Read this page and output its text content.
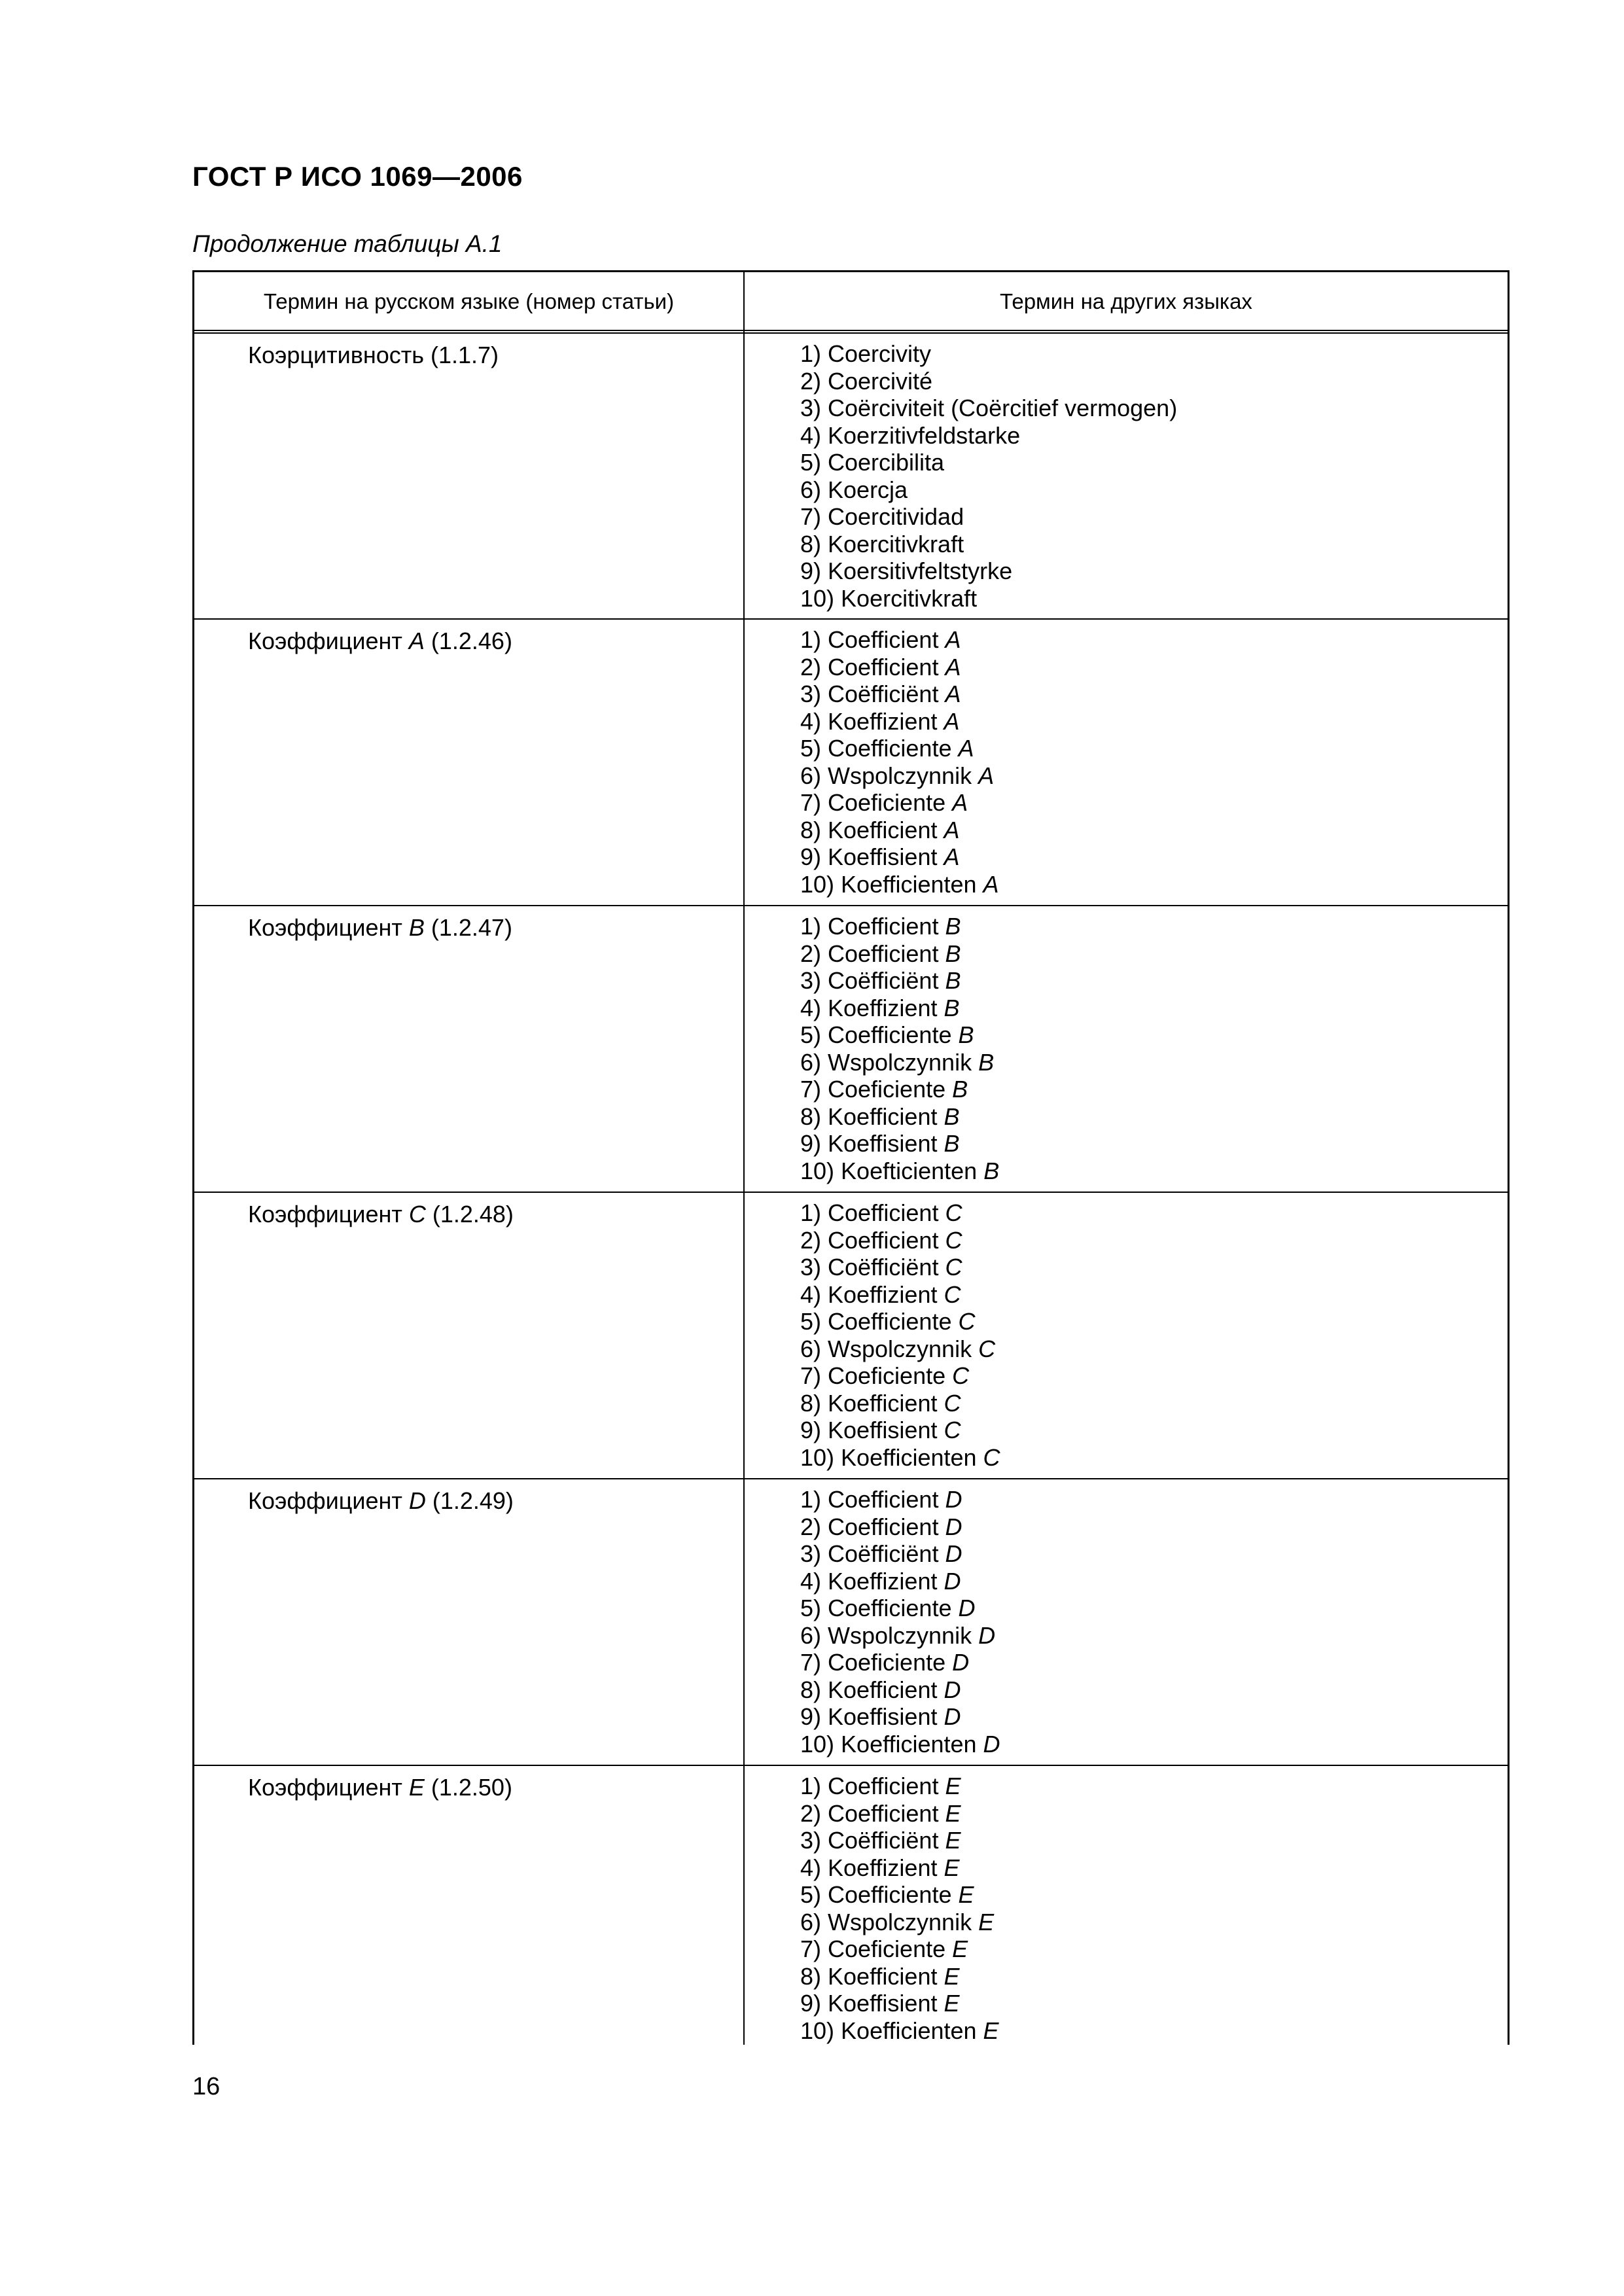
ГОСТ Р ИСО 1069—2006
Продолжение таблицы А.1
Термин на русском языке (номер статьи)	Термин на других языках
Коэрцитивность (1.1.7)	1) Coercivity
2) Coercivité
3) Coërciviteit (Coërcitief vermogen)
4) Koerzitivfeldstarke
5) Coercibilita
6) Koercja
7) Coercitividad
8) Koercitivkraft
9) Koersitivfeltstyrke
10) Koercitivkraft
Коэффициент A (1.2.46)	1) Coefficient A
2) Coefficient A
3) Coëfficiënt A
4) Koeffizient A
5) Coefficiente A
6) Wspolczynnik A
7) Coeficiente A
8) Koefficient A
9) Koeffisient A
10) Koefficienten A
Коэффициент B (1.2.47)	1) Coefficient B
2) Coefficient B
3) Coëfficiënt B
4) Koeffizient B
5) Coefficiente B
6) Wspolczynnik B
7) Coeficiente B
8) Koefficient B
9) Koeffisient B
10) Koefticienten B
Коэффициент C (1.2.48)	1) Coefficient C
2) Coefficient C
3) Coëfficiënt C
4) Koeffizient C
5) Coefficiente C
6) Wspolczynnik C
7) Coeficiente C
8) Koefficient C
9) Koeffisient C
10) Koefficienten C
Коэффициент D (1.2.49)	1) Coefficient D
2) Coefficient D
3) Coëfficiënt D
4) Koeffizient D
5) Coefficiente D
6) Wspolczynnik D
7) Coeficiente D
8) Koefficient D
9) Koeffisient D
10) Koefficienten D
Коэффициент E (1.2.50)	1) Coefficient E
2) Coefficient E
3) Coëfficiënt E
4) Koeffizient E
5) Coefficiente E
6) Wspolczynnik E
7) Coeficiente E
8) Koefficient E
9) Koeffisient E
10) Koefficienten E
16
